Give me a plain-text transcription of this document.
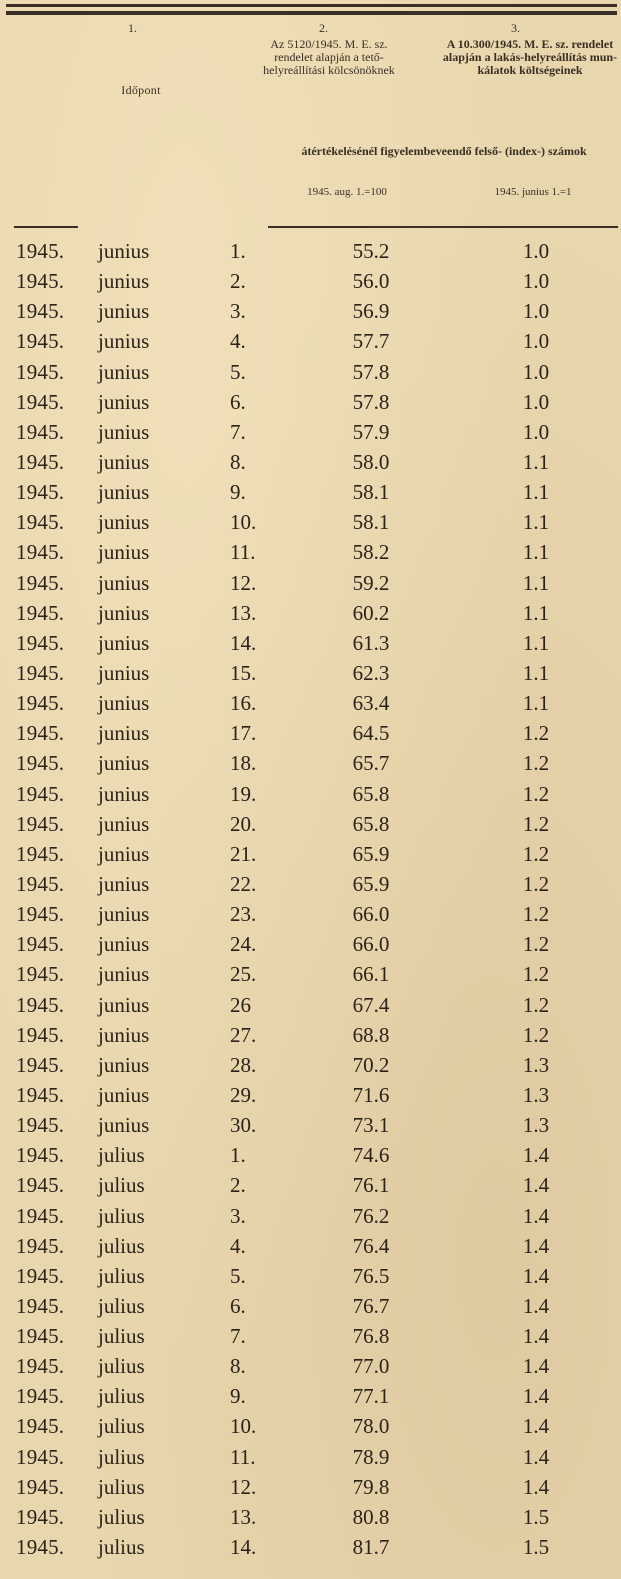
1.	2.	3.
Időpont
Az 5120/1945. M. E. sz. rendelet alapján a tető-helyreállítási kölcsönöknek
A 10.300/1945. M. E. sz. rendelet alapján a lakás-helyreállítás mun-kálatok költségeinek
átértékelésénél figyelembeveendő felső- (index-) számok
1945. aug. 1.=100	1945. junius 1.=1
1945.	junius	1.	55.2	1.0
1945.	junius	2.	56.0	1.0
1945.	junius	3.	56.9	1.0
1945.	junius	4.	57.7	1.0
1945.	junius	5.	57.8	1.0
1945.	junius	6.	57.8	1.0
1945.	junius	7.	57.9	1.0
1945.	junius	8.	58.0	1.1
1945.	junius	9.	58.1	1.1
1945.	junius	10.	58.1	1.1
1945.	junius	11.	58.2	1.1
1945.	junius	12.	59.2	1.1
1945.	junius	13.	60.2	1.1
1945.	junius	14.	61.3	1.1
1945.	junius	15.	62.3	1.1
1945.	junius	16.	63.4	1.1
1945.	junius	17.	64.5	1.2
1945.	junius	18.	65.7	1.2
1945.	junius	19.	65.8	1.2
1945.	junius	20.	65.8	1.2
1945.	junius	21.	65.9	1.2
1945.	junius	22.	65.9	1.2
1945.	junius	23.	66.0	1.2
1945.	junius	24.	66.0	1.2
1945.	junius	25.	66.1	1.2
1945.	junius	26	67.4	1.2
1945.	junius	27.	68.8	1.2
1945.	junius	28.	70.2	1.3
1945.	junius	29.	71.6	1.3
1945.	junius	30.	73.1	1.3
1945.	julius	1.	74.6	1.4
1945.	julius	2.	76.1	1.4
1945.	julius	3.	76.2	1.4
1945.	julius	4.	76.4	1.4
1945.	julius	5.	76.5	1.4
1945.	julius	6.	76.7	1.4
1945.	julius	7.	76.8	1.4
1945.	julius	8.	77.0	1.4
1945.	julius	9.	77.1	1.4
1945.	julius	10.	78.0	1.4
1945.	julius	11.	78.9	1.4
1945.	julius	12.	79.8	1.4
1945.	julius	13.	80.8	1.5
1945.	julius	14.	81.7	1.5
